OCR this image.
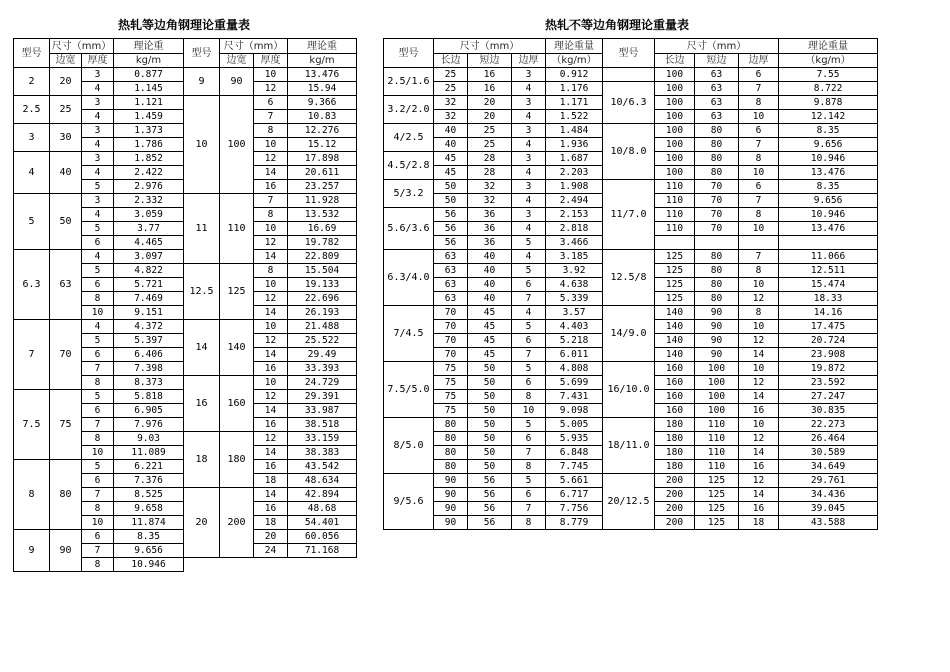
热轧等边角钢理论重量表	热轧不等边角钢理论重量表
型号	尺寸（mm）		理论重	型号	尺寸（mm）		理论重
	边宽	厚度	kg/m		边宽	厚度	kg/m
2	20	3	0.877	9	90	10	13.476
		4	1.145			12	15.94
2.5	25	3	1.121	10	100	6	9.366
		4	1.459			7	10.83
3	30	3	1.373			8	12.276
		4	1.786			10	15.12
4	40	3	1.852			12	17.898
		4	2.422			14	20.611
		5	2.976			16	23.257
5	50	3	2.332	11	110	7	11.928
		4	3.059			8	13.532
		5	3.77			10	16.69
		6	4.465			12	19.782
6.3	63	4	3.097			14	22.809
		5	4.822	12.5	125	8	15.504
		6	5.721			10	19.133
		8	7.469			12	22.696
		10	9.151			14	26.193
7	70	4	4.372	14	140	10	21.488
		5	5.397			12	25.522
		6	6.406			14	29.49
		7	7.398			16	33.393
		8	8.373	16	160	10	24.729
7.5	75	5	5.818			12	29.391
		6	6.905			14	33.987
		7	7.976			16	38.518
		8	9.03	18	180	12	33.159
		10	11.089			14	38.383
8	80	5	6.221			16	43.542
		6	7.376			18	48.634
		7	8.525	20	200	14	42.894
		8	9.658			16	48.68
		10	11.874			18	54.401
9	90	6	8.35			20	60.056
		7	9.656			24	71.168
		8	10.946				
型号	尺寸（mm）			理论重量	型号	尺寸（mm）			理论重量
	长边	短边	边厚	（kg/m）		长边	短边	边厚	（kg/m）
2.5/1.6	25	16	3	0.912		100	63	6	7.55
	25	16	4	1.176	10/6.3	100	63	7	8.722
3.2/2.0	32	20	3	1.171		100	63	8	9.878
	32	20	4	1.522		100	63	10	12.142
4/2.5	40	25	3	1.484	10/8.0	100	80	6	8.35
	40	25	4	1.936		100	80	7	9.656
4.5/2.8	45	28	3	1.687		100	80	8	10.946
	45	28	4	2.203		100	80	10	13.476
5/3.2	50	32	3	1.908	11/7.0	110	70	6	8.35
	50	32	4	2.494		110	70	7	9.656
5.6/3.6	56	36	3	2.153		110	70	8	10.946
	56	36	4	2.818		110	70	10	13.476
	56	36	5	3.466					
6.3/4.0	63	40	4	3.185	12.5/8	125	80	7	11.066
	63	40	5	3.92		125	80	8	12.511
	63	40	6	4.638		125	80	10	15.474
	63	40	7	5.339		125	80	12	18.33
7/4.5	70	45	4	3.57	14/9.0	140	90	8	14.16
	70	45	5	4.403		140	90	10	17.475
	70	45	6	5.218		140	90	12	20.724
	70	45	7	6.011		140	90	14	23.908
7.5/5.0	75	50	5	4.808	16/10.0	160	100	10	19.872
	75	50	6	5.699		160	100	12	23.592
	75	50	8	7.431		160	100	14	27.247
	75	50	10	9.098		160	100	16	30.835
8/5.0	80	50	5	5.005	18/11.0	180	110	10	22.273
	80	50	6	5.935		180	110	12	26.464
	80	50	7	6.848		180	110	14	30.589
	80	50	8	7.745		180	110	16	34.649
9/5.6	90	56	5	5.661	20/12.5	200	125	12	29.761
	90	56	6	6.717		200	125	14	34.436
	90	56	7	7.756		200	125	16	39.045
	90	56	8	8.779		200	125	18	43.588
